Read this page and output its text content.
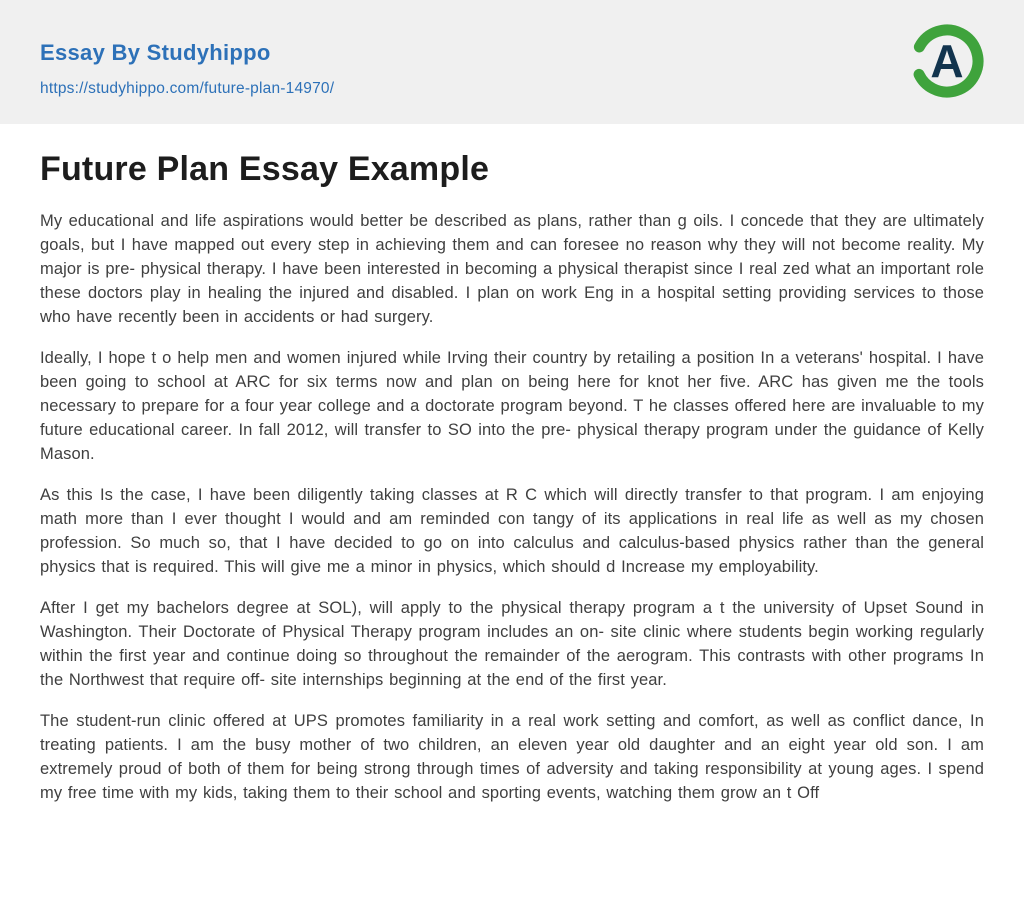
Essay By Studyhippo
https://studyhippo.com/future-plan-14970/
A
Future Plan Essay Example

My educational and life aspirations would better be described as plans, rather than g oils. I concede that they are ultimately goals, but I have mapped out every step in achieving them and can foresee no reason why they will not become reality. My major is pre- physical therapy. I have been interested in becoming a physical therapist since I real zed what an important role these doctors play in healing the injured and disabled. I plan on work Eng in a hospital setting providing services to those who have recently been in accidents or had surgery.

Ideally, I hope t o help men and women injured while Irving their country by retailing a position In a veterans' hospital. I have been going to school at ARC for six terms now and plan on being here for knot her five. ARC has given me the tools necessary to prepare for a four year college and a doctorate program beyond. T he classes offered here are invaluable to my future educational career. In fall 2012, will transfer to SO into the pre- physical therapy program under the guidance of Kelly Mason.

As this Is the case, I have been diligently taking classes at R C which will directly transfer to that program. I am enjoying math more than I ever thought I would and am reminded con tangy of its applications in real life as well as my chosen profession. So much so, that I have decided to go on into calculus and calculus-based physics rather than the general physics that is required. This will give me a minor in physics, which should d Increase my employability.

After I get my bachelors degree at SOL), will apply to the physical therapy program a t the university of Upset Sound in Washington. Their Doctorate of Physical Therapy program includes an on- site clinic where students begin working regularly within the first year and continue doing so throughout the remainder of the aerogram. This contrasts with other programs In the Northwest that require off- site internships beginning at the end of the first year.

The student-run clinic offered at UPS promotes familiarity in a real work setting and comfort, as well as conflict dance, In treating patients. I am the busy mother of two children, an eleven year old daughter and an eight year old son. I am extremely proud of both of them for being strong through times of adversity and taking responsibility at young ages. I spend my free time with my kids, taking them to their school and sporting events, watching them grow an t Off
